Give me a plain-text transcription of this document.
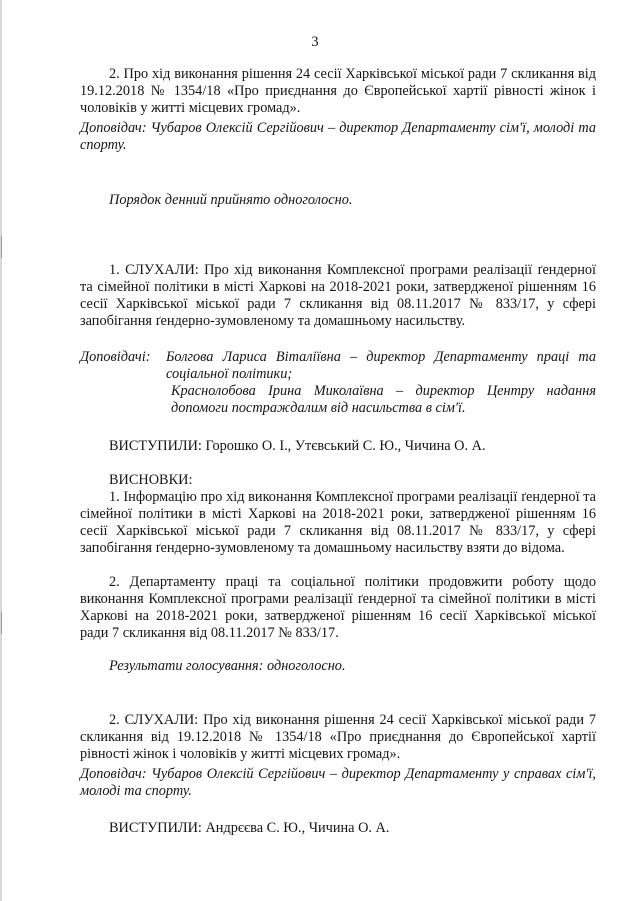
3
2. Про хід виконання рішення 24 сесії Харківської міської ради 7 скликання від 19.12.2018 № 1354/18 «Про приєднання до Європейської хартії рівності жінок і чоловіків у житті місцевих громад».
Доповідач: Чубаров Олексій Сергійович – директор Департаменту сім'ї, молоді та спорту.
Порядок денний прийнято одноголосно.
1. СЛУХАЛИ: Про хід виконання Комплексної програми реалізації ґендерної та сімейної політики в місті Харкові на 2018-2021 роки, затвердженої рішенням 16 сесії Харківської міської ради 7 скликання від 08.11.2017 № 833/17, у сфері запобігання ґендерно-зумовленому та домашньому насильству.
Доповідачі:	Болгова Лариса Віталіївна – директор Департаменту праці та соціальної політики;
Краснолобова Ірина Миколаївна – директор Центру надання допомоги постраждалим від насильства в сім'ї.
ВИСТУПИЛИ: Горошко О. І., Утєвський С. Ю., Чичина О. А.
ВИСНОВКИ:
1. Інформацію про хід виконання Комплексної програми реалізації ґендерної та сімейної політики в місті Харкові на 2018-2021 роки, затвердженої рішенням 16 сесії Харківської міської ради 7 скликання від 08.11.2017 № 833/17, у сфері запобігання ґендерно-зумовленому та домашньому насильству взяти до відома.
2. Департаменту праці та соціальної політики продовжити роботу щодо виконання Комплексної програми реалізації ґендерної та сімейної політики в місті Харкові на 2018-2021 роки, затвердженої рішенням 16 сесії Харківської міської ради 7 скликання від 08.11.2017 № 833/17.
Результати голосування: одноголосно.
2. СЛУХАЛИ: Про хід виконання рішення 24 сесії Харківської міської ради 7 скликання від 19.12.2018 № 1354/18 «Про приєднання до Європейської хартії рівності жінок і чоловіків у житті місцевих громад».
Доповідач: Чубаров Олексій Сергійович – директор Департаменту у справах сім'ї, молоді та спорту.
ВИСТУПИЛИ: Андрєєва С. Ю., Чичина О. А.
